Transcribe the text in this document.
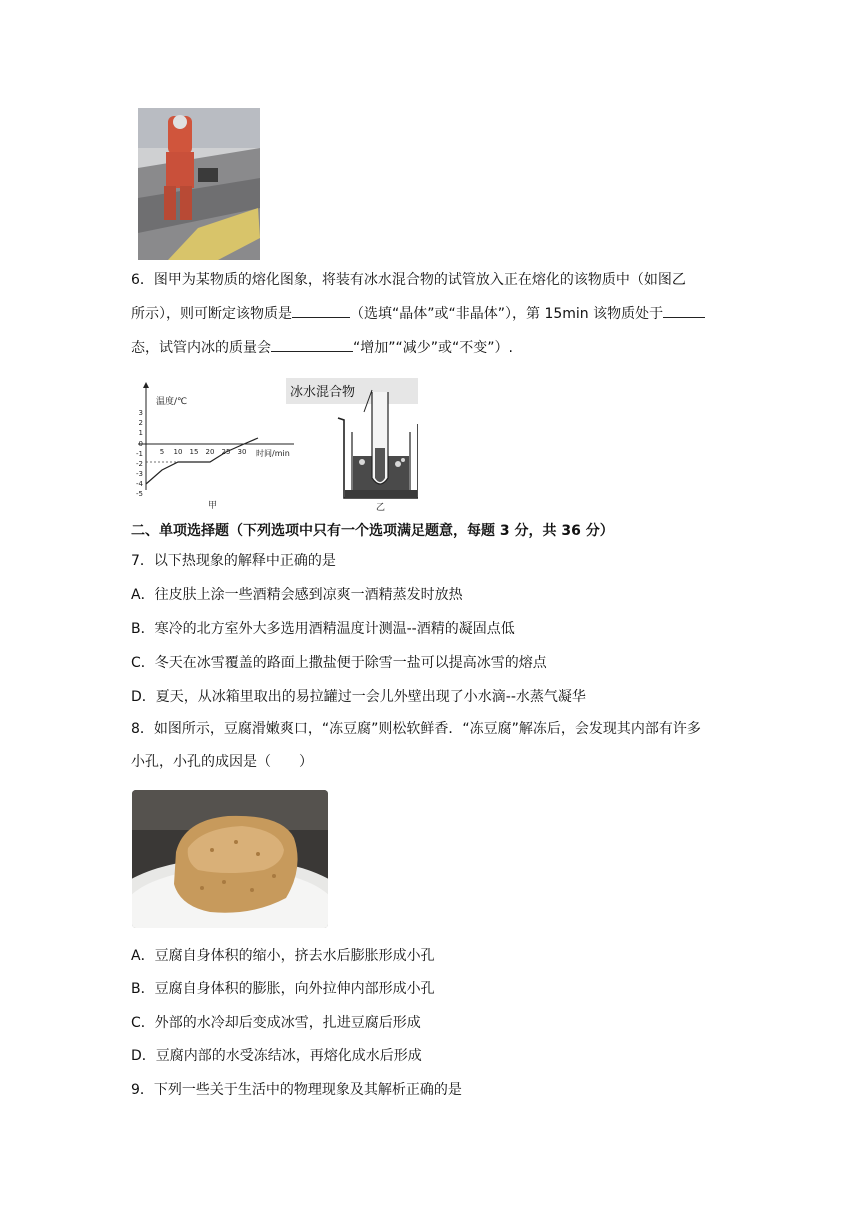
6．图甲为某物质的熔化图象，将装有冰水混合物的试管放入正在熔化的该物质中（如图乙
所示），则可断定该物质是	（选填“晶体”或“非晶体”），第 15min 该物质处于
态，试管内冰的质量会	“增加”“减少”或“不变”）.
温度/℃
时间/min
3
2
1
0
-1
-2
-3
-4
-5
5 10 15 20 25 30
甲
冰水混合物
乙
二、单项选择题（下列选项中只有一个选项满足题意，每题 3 分，共 36 分）
7．以下热现象的解释中正确的是
A．往皮肤上涂一些酒精会感到凉爽一酒精蒸发时放热
B．寒冷的北方室外大多选用酒精温度计测温--酒精的凝固点低
C．冬天在冰雪覆盖的路面上撒盐便于除雪一盐可以提高冰雪的熔点
D．夏天，从冰箱里取出的易拉罐过一会儿外壁出现了小水滴--水蒸气凝华
8．如图所示，豆腐滑嫩爽口，“冻豆腐”则松软鲜香．“冻豆腐”解冻后，会发现其内部有许多
小孔，小孔的成因是（　　）
A．豆腐自身体积的缩小，挤去水后膨胀形成小孔
B．豆腐自身体积的膨胀，向外拉伸内部形成小孔
C．外部的水冷却后变成冰雪，扎进豆腐后形成
D．豆腐内部的水受冻结冰，再熔化成水后形成
9．下列一些关于生活中的物理现象及其解析正确的是
